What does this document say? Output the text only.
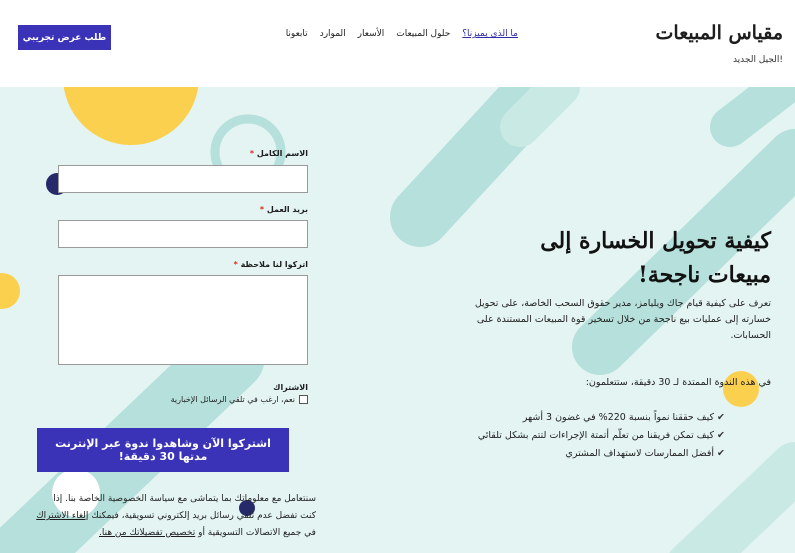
مقياس المبيعات
الجيل الجديد!
ما الذي يميزنا؟
حلول المبيعات
الأسعار
الموارد
تابعونا
طلب عرض تجريبي
كيفية تحويل الخسارة إلى مبيعات ناجحة!
تعرف على كيفية قيام جاك ويليامز، مدير حقوق السحب الخاصة، على تحويل خسارته إلى عمليات بيع ناجحة من خلال تسخير قوة المبيعات المستندة على الحسابات.
في هذه الندوة الممتدة لـ 30 دقيقة، ستتعلمون:
✔ كيف حققنا نمواً بنسبة 220% في غضون 3 أشهر
✔ كيف تمكن فريقنا من تعلّم أتمتة الإجراءات لتتم بشكل تلقائي
✔ أفضل الممارسات لاستهداف المشتري
الاسم الكامل *
بريد العمل *
اتركوا لنا ملاحظة *
الاشتراك
نعم، ارغب في تلقي الرسائل الإخبارية
اشتركوا الآن وشاهدوا ندوة عبر الإنترنت مدتها 30 دقيقة!
سنتعامل مع معلوماتك بما يتماشى مع سياسة الخصوصية الخاصة بنا. إذا
كنت تفضل عدم تلقي رسائل بريد إلكتروني تسويقية، فيمكنك إلغاء الاشتراك
في جميع الاتصالات التسويقية أو تخصيص تفضيلاتك من هنا.
